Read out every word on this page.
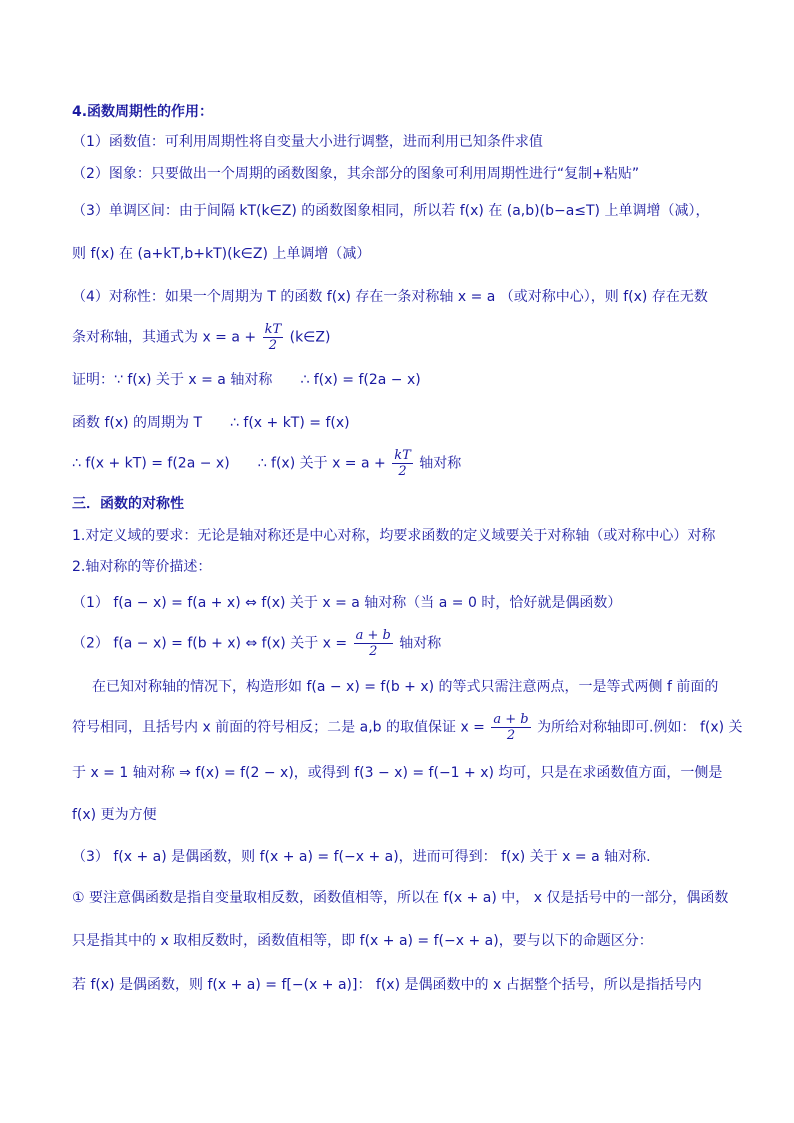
4.函数周期性的作用：
（1）函数值：可利用周期性将自变量大小进行调整，进而利用已知条件求值
（2）图象：只要做出一个周期的函数图象，其余部分的图象可利用周期性进行“复制+粘贴”
（3）单调区间：由于间隔 kT(k∈Z) 的函数图象相同，所以若 f(x) 在 (a,b)(b−a≤T) 上单调增（减），
则 f(x) 在 (a+kT,b+kT)(k∈Z) 上单调增（减）
（4）对称性：如果一个周期为 T 的函数 f(x) 存在一条对称轴 x = a （或对称中心），则 f(x) 存在无数
条对称轴，其通式为 $x = a + \frac{kT}{2}$ (k∈Z)
证明：∵ f(x) 关于 x = a 轴对称　　∴ f(x) = f(2a − x)
函数 f(x) 的周期为 T　　∴ f(x + kT) = f(x)
∴ f(x + kT) = f(2a − x)　　∴ f(x) 关于 $x = a + \frac{kT}{2}$ 轴对称
三．函数的对称性
1.对定义域的要求：无论是轴对称还是中心对称，均要求函数的定义域要关于对称轴（或对称中心）对称
2.轴对称的等价描述：
（1） f(a − x) = f(a + x) ⇔ f(x) 关于 x = a 轴对称（当 a = 0 时，恰好就是偶函数）
（2） f(a − x) = f(b + x) ⇔ f(x) 关于 $x = \frac{a + b}{2}$ 轴对称
在已知对称轴的情况下，构造形如 f(a − x) = f(b + x) 的等式只需注意两点，一是等式两侧 f 前面的
符号相同，且括号内 x 前面的符号相反；二是 a,b 的取值保证 $x = \frac{a + b}{2}$ 为所给对称轴即可.例如： f(x) 关
于 x = 1 轴对称 ⇒ f(x) = f(2 − x)，或得到 f(3 − x) = f(−1 + x) 均可，只是在求函数值方面，一侧是
f(x) 更为方便
（3） f(x + a) 是偶函数，则 f(x + a) = f(−x + a)，进而可得到： f(x) 关于 x = a 轴对称.
① 要注意偶函数是指自变量取相反数，函数值相等，所以在 f(x + a) 中， x 仅是括号中的一部分，偶函数
只是指其中的 x 取相反数时，函数值相等，即 f(x + a) = f(−x + a)，要与以下的命题区分：
若 f(x) 是偶函数，则 f(x + a) = f[−(x + a)]： f(x) 是偶函数中的 x 占据整个括号，所以是指括号内
